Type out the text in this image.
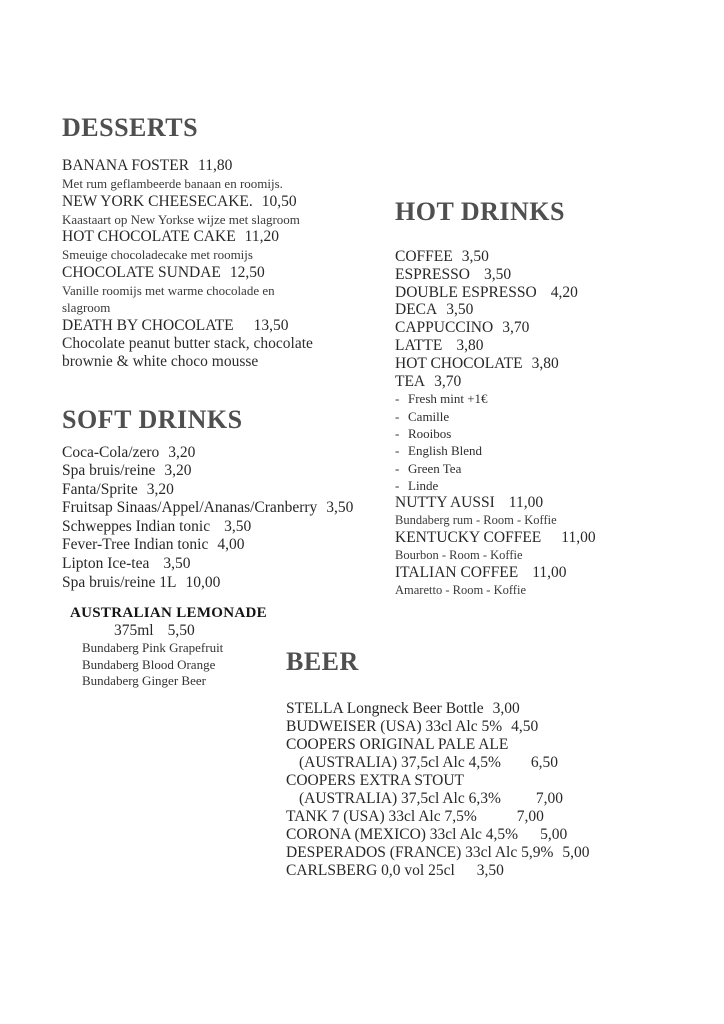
DESSERTS
BANANA FOSTER 11,80
Met rum geflambeerde banaan en roomijs.
NEW YORK CHEESECAKE. 10,50
Kaastaart op New Yorkse wijze met slagroom
HOT CHOCOLATE CAKE 11,20
Smeuige chocoladecake met roomijs
CHOCOLATE SUNDAE 12,50
Vanille roomijs met warme chocolade en slagroom
DEATH BY CHOCOLATE 13,50
Chocolate peanut butter stack, chocolate brownie & white choco mousse
SOFT DRINKS
Coca-Cola/zero 3,20
Spa bruis/reine 3,20
Fanta/Sprite 3,20
Fruitsap Sinaas/Appel/Ananas/Cranberry 3,50
Schweppes Indian tonic 3,50
Fever-Tree Indian tonic 4,00
Lipton Ice-tea 3,50
Spa bruis/reine 1L 10,00
AUSTRALIAN LEMONADE
375ml 5,50
Bundaberg Pink Grapefruit
Bundaberg Blood Orange
Bundaberg Ginger Beer
HOT DRINKS
COFFEE 3,50
ESPRESSO 3,50
DOUBLE ESPRESSO 4,20
DECA 3,50
CAPPUCCINO 3,70
LATTE 3,80
HOT CHOCOLATE 3,80
TEA 3,70
- Fresh mint +1€
- Camille
- Rooibos
- English Blend
- Green Tea
- Linde
NUTTY AUSSI 11,00
Bundaberg rum - Room - Koffie
KENTUCKY COFFEE 11,00
Bourbon - Room - Koffie
ITALIAN COFFEE 11,00
Amaretto - Room - Koffie
BEER
STELLA Longneck Beer Bottle 3,00
BUDWEISER (USA) 33cl Alc 5% 4,50
COOPERS ORIGINAL PALE ALE
(AUSTRALIA) 37,5cl Alc 4,5% 6,50
COOPERS EXTRA STOUT
(AUSTRALIA) 37,5cl Alc 6,3% 7,00
TANK 7 (USA) 33cl Alc 7,5%	7,00
CORONA (MEXICO) 33cl Alc 4,5% 5,00
DESPERADOS (FRANCE) 33cl Alc 5,9% 5,00
CARLSBERG 0,0 vol 25cl 3,50
